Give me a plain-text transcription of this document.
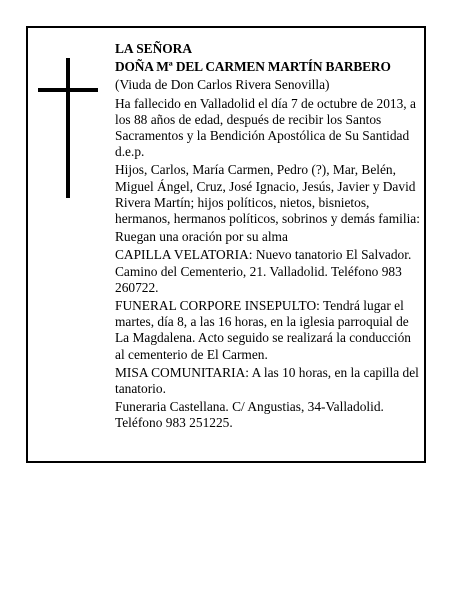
LA SEÑORA

DOÑA Mª DEL CARMEN MARTÍN BARBERO

(Viuda de Don Carlos Rivera Senovilla)

Ha fallecido en Valladolid el día 7 de octubre de 2013, a los 88 años de edad, después de recibir los Santos Sacramentos y la Bendición Apostólica de Su Santidad d.e.p.

Hijos, Carlos, María Carmen, Pedro (?), Mar, Belén, Miguel Ángel, Cruz, José Ignacio, Jesús, Javier y David Rivera Martín; hijos políticos, nietos, bisnietos, hermanos, hermanos políticos, sobrinos y demás familia:

Ruegan una oración por su alma

CAPILLA VELATORIA: Nuevo tanatorio El Salvador. Camino del Cementerio, 21. Valladolid. Teléfono 983 260722.

FUNERAL CORPORE INSEPULTO: Tendrá lugar el martes, día 8, a las 16 horas, en la iglesia parroquial de La Magdalena. Acto seguido se realizará la conducción al cementerio de El Carmen.

MISA COMUNITARIA: A las 10 horas, en la capilla del tanatorio.

Funeraria Castellana. C/ Angustias, 34-Valladolid. Teléfono 983 251225.
